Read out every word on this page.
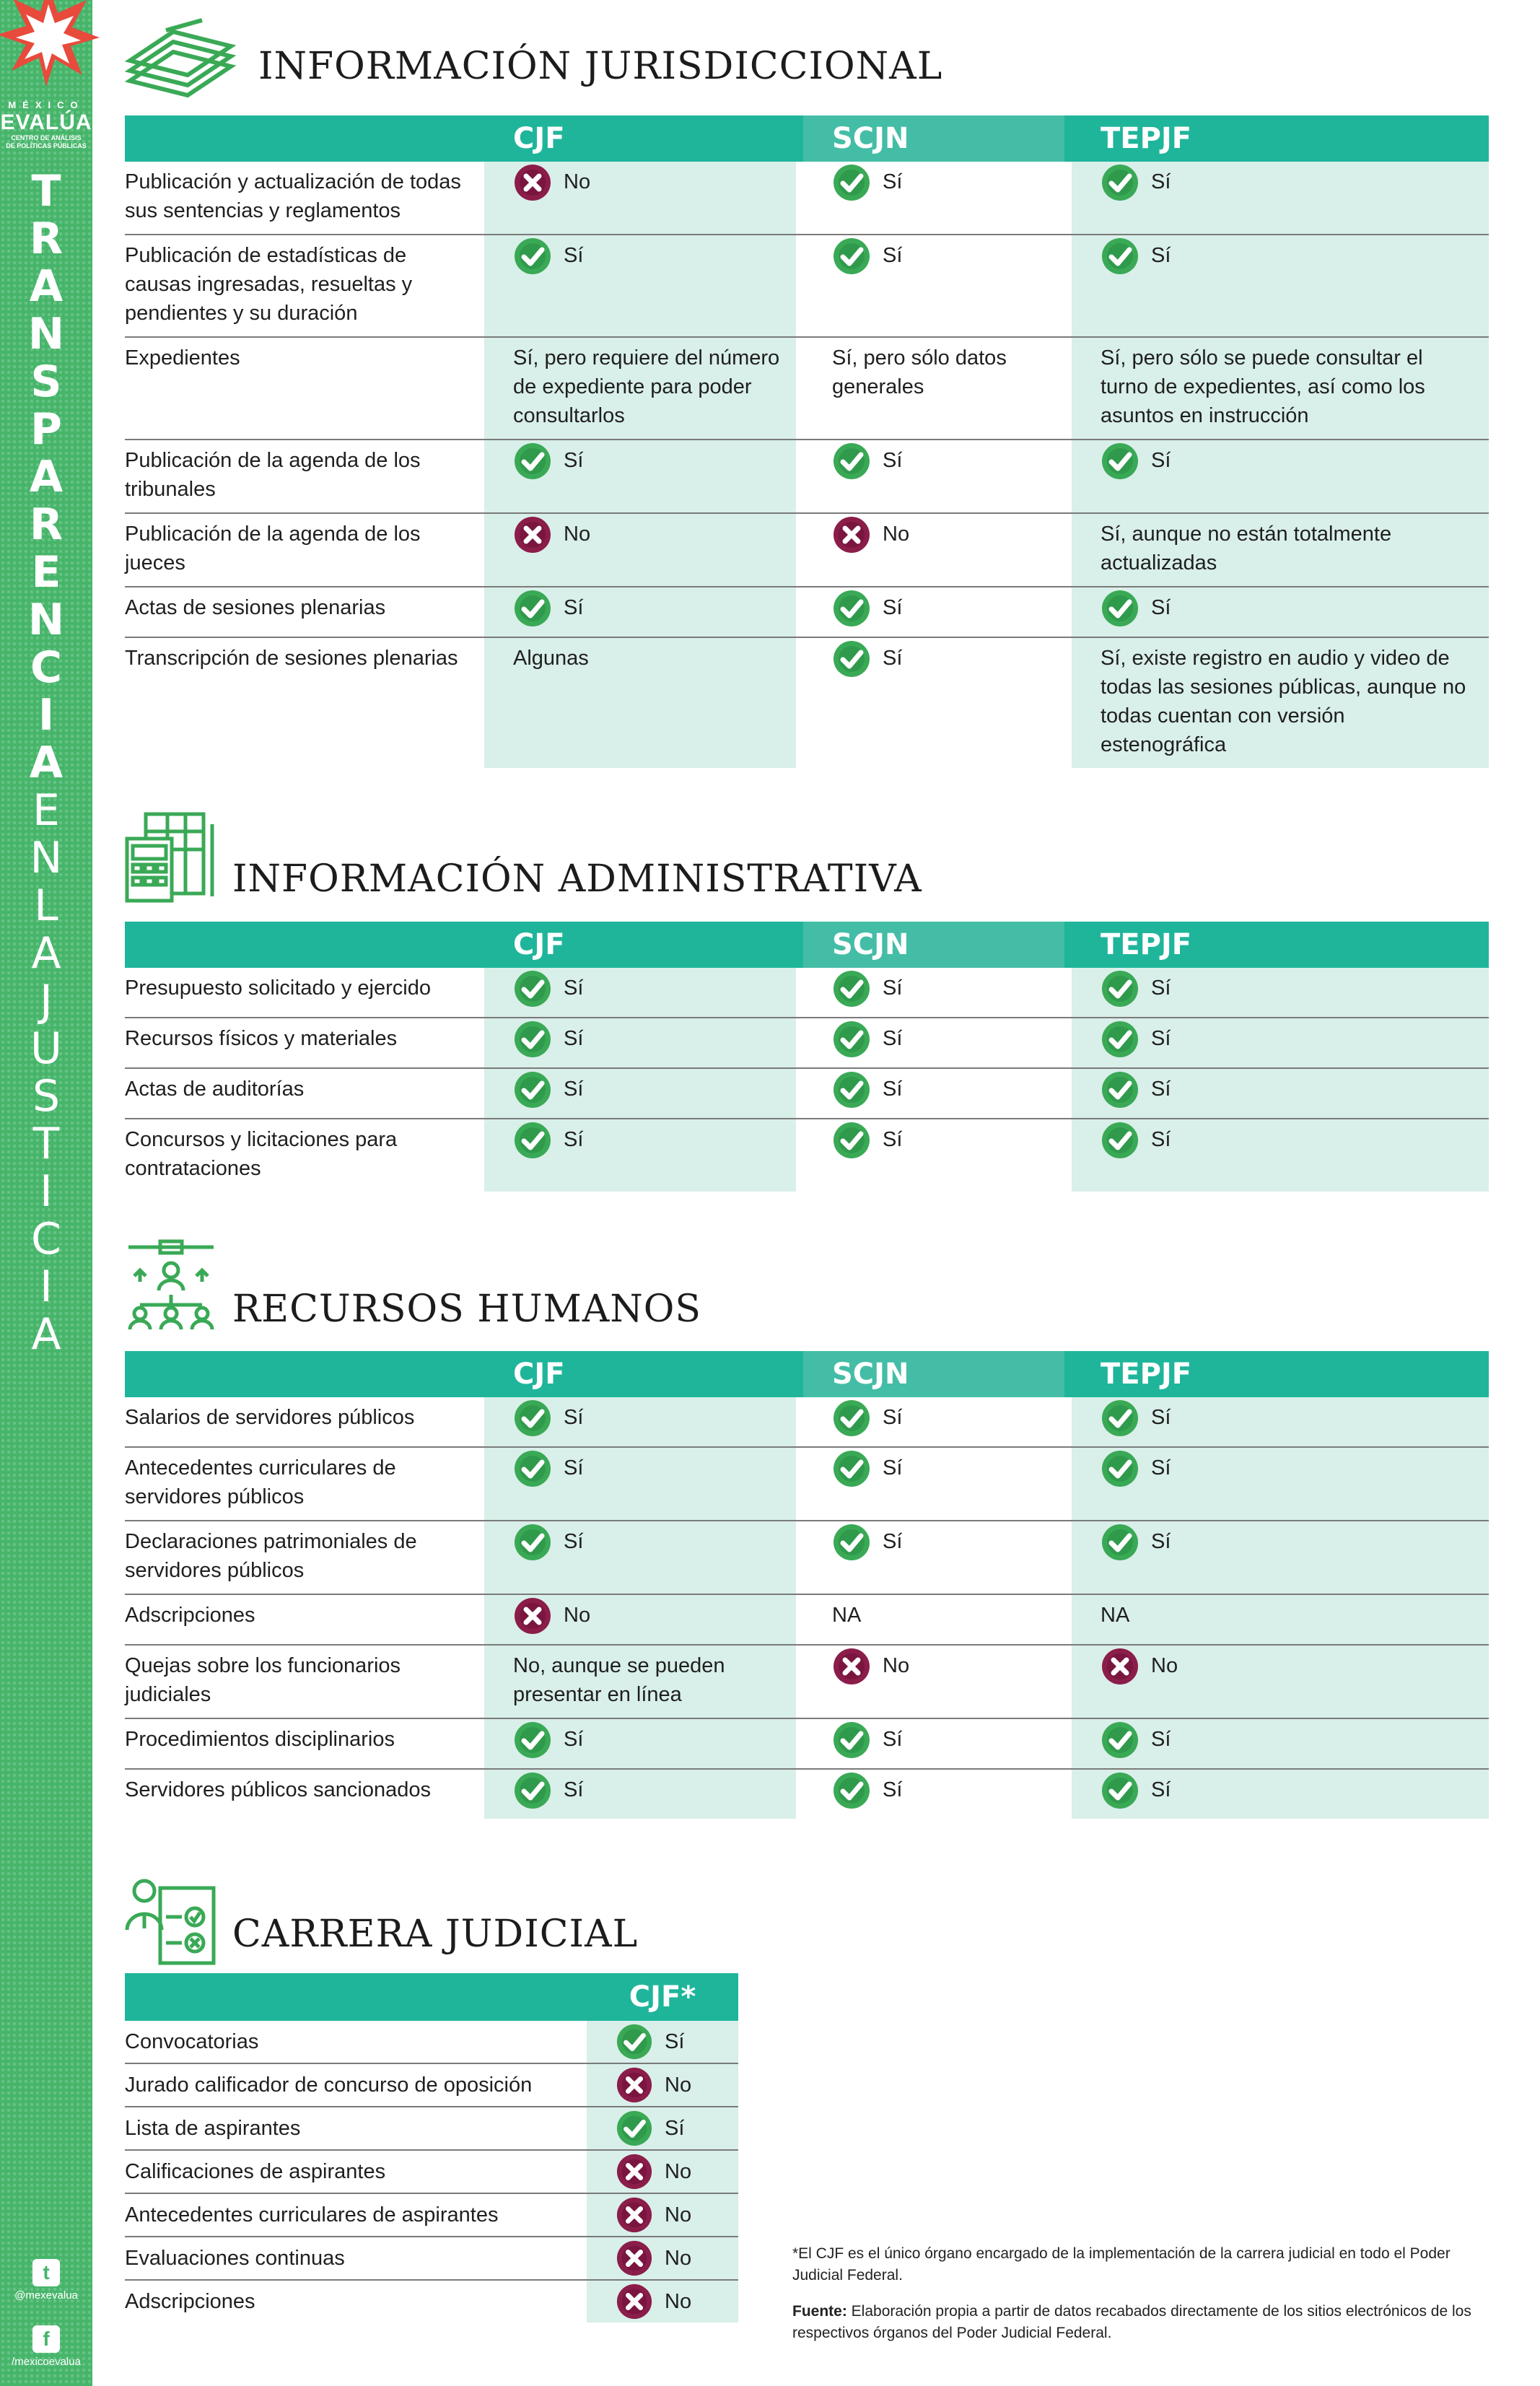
MÉXICO
EVALÚA
CENTRO DE ANÁLISIS
DE POLÍTICAS PÚBLICAS
T
R
A
N
S
P
A
R
E
N
C
I
A
E
N
L
A
J
U
S
T
I
C
I
A
t
@mexevalua
f
/mexicoevalua
INFORMACIÓN JURISDICCIONAL
	CJF		SCJN		TEPJF
Publicación y actualización de todas sus sentencias y reglamentos	No		Sí		Sí
Publicación de estadísticas de causas ingresadas, resueltas y pendientes y su duración	Sí		Sí		Sí
Expedientes	Sí, pero requiere del número de expediente para poder consultarlos		Sí, pero sólo datos generales		Sí, pero sólo se puede consultar el turno de expedientes, así como los asuntos en instrucción

Publicación de la agenda de los tribunales	Sí		Sí		Sí
Publicación de la agenda de los jueces	No		No		Sí, aunque no están totalmente actualizadas

Actas de sesiones plenarias	Sí		Sí		Sí
Transcripción de sesiones plenarias	Algunas		Sí		Sí, existe registro en audio y video de todas las sesiones públicas, aunque no todas cuentan con versión estenográfica
INFORMACIÓN ADMINISTRATIVA
	CJF		SCJN		TEPJF
Presupuesto solicitado y ejercido	Sí		Sí		Sí
Recursos físicos y materiales	Sí		Sí		Sí
Actas de auditorías	Sí		Sí		Sí
Concursos y licitaciones para contrataciones	Sí		Sí		Sí
RECURSOS HUMANOS
	CJF		SCJN		TEPJF
Salarios de servidores públicos	Sí		Sí		Sí
Antecedentes curriculares de servidores públicos	Sí		Sí		Sí
Declaraciones patrimoniales de servidores públicos	Sí		Sí		Sí
Adscripciones	No		NA		NA

Quejas sobre los funcionarios judiciales	No, aunque se pueden presentar en línea		No		No
Procedimientos disciplinarios	Sí		Sí		Sí
Servidores públicos sancionados	Sí		Sí		Sí
CARRERA JUDICIAL
	CJF*
Convocatorias	Sí
Jurado calificador de concurso de oposición	No
Lista de aspirantes	Sí
Calificaciones de aspirantes	No
Antecedentes curriculares de aspirantes	No
Evaluaciones continuas	No
Adscripciones	No

*El CJF es el único órgano encargado de la implementación de la carrera judicial en todo el Poder Judicial Federal.

Fuente: Elaboración propia a partir de datos recabados directamente de los sitios electrónicos de los respectivos órganos del Poder Judicial Federal.
